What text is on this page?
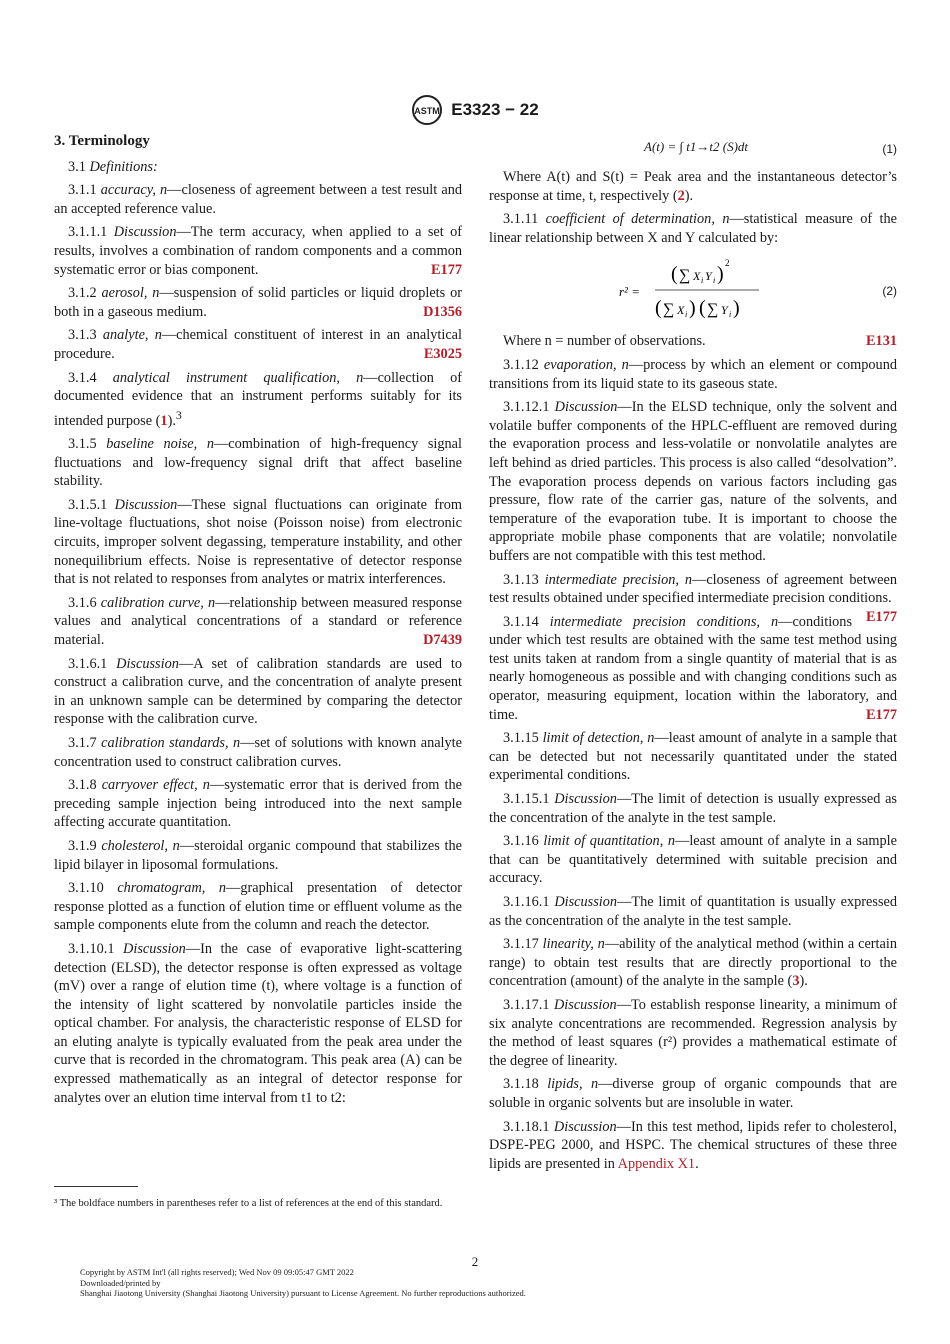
ASTM E3323 − 22
3. Terminology

3.1 Definitions:

3.1.1 accuracy, n—closeness of agreement between a test result and an accepted reference value.

3.1.1.1 Discussion—The term accuracy, when applied to a set of results, involves a combination of random components and a common systematic error or bias component.	E177

3.1.2 aerosol, n—suspension of solid particles or liquid droplets or both in a gaseous medium.	D1356

3.1.3 analyte, n—chemical constituent of interest in an analytical procedure.	E3025

3.1.4 analytical instrument qualification, n—collection of documented evidence that an instrument performs suitably for its intended purpose (1).$^3$

3.1.5 baseline noise, n—combination of high-frequency signal fluctuations and low-frequency signal drift that affect baseline stability.

3.1.5.1 Discussion—These signal fluctuations can originate from line-voltage fluctuations, shot noise (Poisson noise) from electronic circuits, improper solvent degassing, temperature instability, and other nonequilibrium effects. Noise is representative of detector response that is not related to responses from analytes or matrix interferences.

3.1.6 calibration curve, n—relationship between measured response values and analytical concentrations of a standard or reference material.	D7439

3.1.6.1 Discussion—A set of calibration standards are used to construct a calibration curve, and the concentration of analyte present in an unknown sample can be determined by comparing the detector response with the calibration curve.

3.1.7 calibration standards, n—set of solutions with known analyte concentration used to construct calibration curves.

3.1.8 carryover effect, n—systematic error that is derived from the preceding sample injection being introduced into the next sample affecting accurate quantitation.

3.1.9 cholesterol, n—steroidal organic compound that stabilizes the lipid bilayer in liposomal formulations.

3.1.10 chromatogram, n—graphical presentation of detector response plotted as a function of elution time or effluent volume as the sample components elute from the column and reach the detector.

3.1.10.1 Discussion—In the case of evaporative light-scattering detection (ELSD), the detector response is often expressed as voltage (mV) over a range of elution time (t), where voltage is a function of the intensity of light scattered by nonvolatile particles inside the optical chamber. For analysis, the characteristic response of ELSD for an eluting analyte is typically evaluated from the peak area under the curve that is recorded in the chromatogram. This peak area (A) can be expressed mathematically as an integral of detector response for analytes over an elution time interval from t1 to t2:

A(t) = ∫ t1→t2 (S)dt	(1)

Where A(t) and S(t) = Peak area and the instantaneous detector’s response at time, t, respectively (2).

3.1.11 coefficient of determination, n—statistical measure of the linear relationship between X and Y calculated by:

r² =
( ∑ X i Y i ) 2
( ∑ X i ) ( ∑ Y i )
(2)

Where n = number of observations.	E131

3.1.12 evaporation, n—process by which an element or compound transitions from its liquid state to its gaseous state.

3.1.12.1 Discussion—In the ELSD technique, only the solvent and volatile buffer components of the HPLC-effluent are removed during the evaporation process and less-volatile or nonvolatile analytes are left behind as dried particles. This process is also called “desolvation”. The evaporation process depends on various factors including gas pressure, flow rate of the carrier gas, nature of the solvents, and temperature of the evaporation tube. It is important to choose the appropriate mobile phase components that are volatile; nonvolatile buffers are not compatible with this test method.

3.1.13 intermediate precision, n—closeness of agreement between test results obtained under specified intermediate precision conditions.
E177

3.1.14 intermediate precision conditions, n—conditions under which test results are obtained with the same test method using test units taken at random from a single quantity of material that is as nearly homogeneous as possible and with changing conditions such as operator, measuring equipment, location within the laboratory, and time.	E177

3.1.15 limit of detection, n—least amount of analyte in a sample that can be detected but not necessarily quantitated under the stated experimental conditions.

3.1.15.1 Discussion—The limit of detection is usually expressed as the concentration of the analyte in the test sample.

3.1.16 limit of quantitation, n—least amount of analyte in a sample that can be quantitatively determined with suitable precision and accuracy.

3.1.16.1 Discussion—The limit of quantitation is usually expressed as the concentration of the analyte in the test sample.

3.1.17 linearity, n—ability of the analytical method (within a certain range) to obtain test results that are directly proportional to the concentration (amount) of the analyte in the sample (3).

3.1.17.1 Discussion—To establish response linearity, a minimum of six analyte concentrations are recommended. Regression analysis by the method of least squares (r²) provides a mathematical estimate of the degree of linearity.

3.1.18 lipids, n—diverse group of organic compounds that are soluble in organic solvents but are insoluble in water.

3.1.18.1 Discussion—In this test method, lipids refer to cholesterol, DSPE-PEG 2000, and HSPC. The chemical structures of these three lipids are presented in Appendix X1.

³ The boldface numbers in parentheses refer to a list of references at the end of this standard.
2
Copyright by ASTM Int'l (all rights reserved); Wed Nov 09 09:05:47 GMT 2022
Downloaded/printed by
Shanghai Jiaotong University (Shanghai Jiaotong University) pursuant to License Agreement. No further reproductions authorized.
